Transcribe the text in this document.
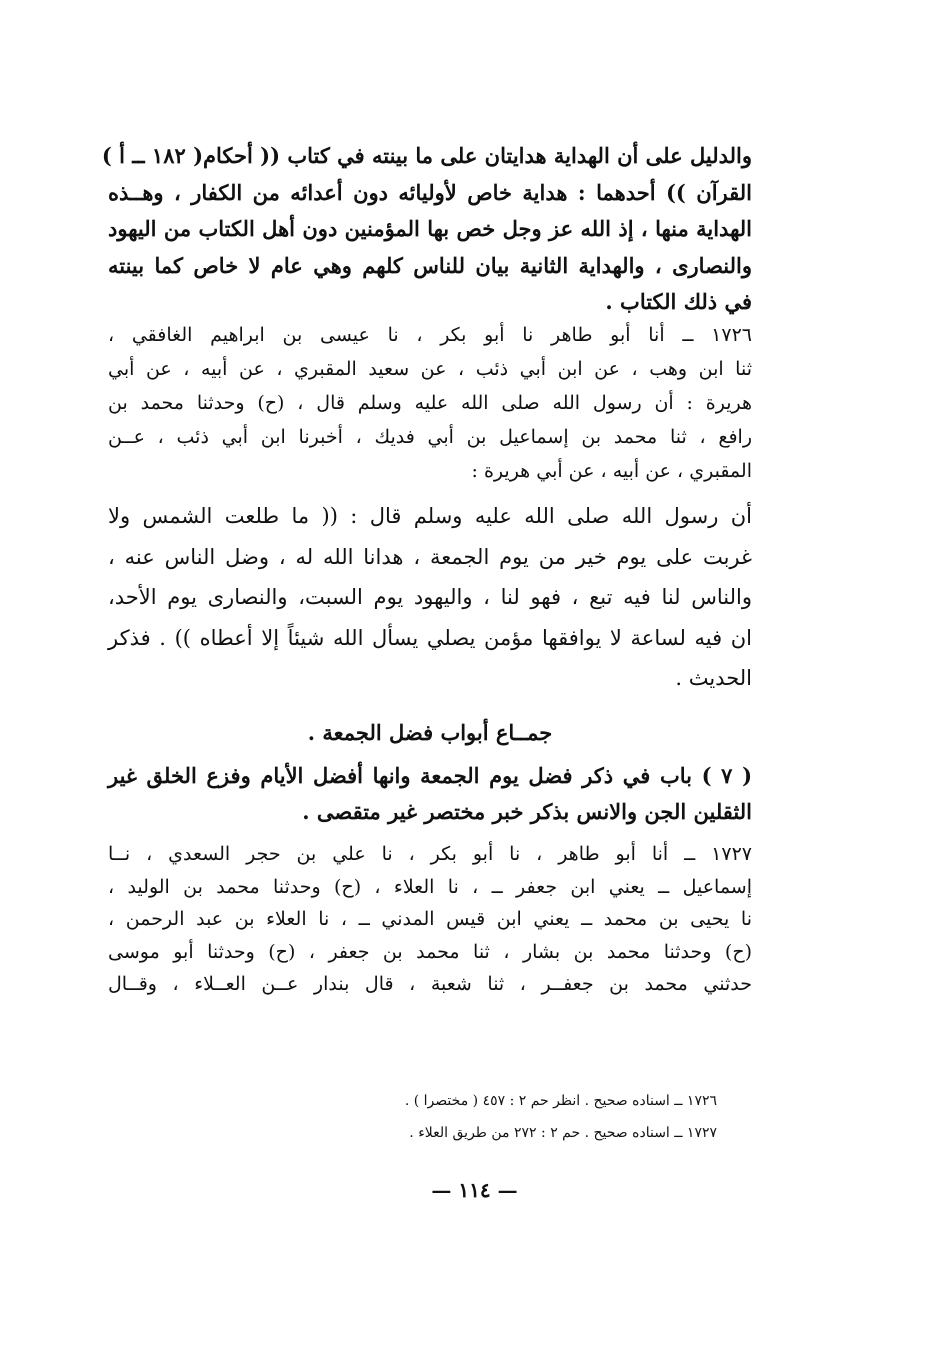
والدليل على أن الهداية هدايتان على ما بينته في كتاب (( أحكام( ١٨٢ ــ أ )
القرآن )) أحدهما : هداية خاص لأوليائه دون أعدائه من الكفار ، وهــذه
الهداية منها ، إذ الله عز وجل خص بها المؤمنين دون أهل الكتاب من اليهود
والنصارى ، والهداية الثانية بيان للناس كلهم وهي عام لا خاص كما بينته
في ذلك الكتاب .
١٧٢٦ ــ أنا أبو طاهر نا أبو بكر ، نا عيسى بن ابراهيم الغافقي ،
ثنا ابن وهب ، عن ابن أبي ذئب ، عن سعيد المقبري ، عن أبيه ، عن أبي
هريرة : أن رسول الله صلى الله عليه وسلم قال ، (ح) وحدثنا محمد بن
رافع ، ثنا محمد بن إسماعيل بن أبي فديك ، أخبرنا ابن أبي ذئب ، عــن
المقبري ، عن أبيه ، عن أبي هريرة :
أن رسول الله صلى الله عليه وسلم قال : (( ما طلعت الشمس ولا
غربت على يوم خير من يوم الجمعة ، هدانا الله له ، وضل الناس عنه ،
والناس لنا فيه تبع ، فهو لنا ، واليهود يوم السبت، والنصارى يوم الأحد،
ان فيه لساعة لا يوافقها مؤمن يصلي يسأل الله شيئاً إلا أعطاه )) . فذكر
الحديث .
جمــاع أبواب فضل الجمعة .
( ٧ ) باب في ذكر فضل يوم الجمعة وانها أفضل الأيام وفزع الخلق غير
الثقلين الجن والانس بذكر خبر مختصر غير متقصى .
١٧٢٧ ــ أنا أبو طاهر ، نا أبو بكر ، نا علي بن حجر السعدي ، نــا
إسماعيل ــ يعني ابن جعفر ــ ، نا العلاء ، (ح) وحدثنا محمد بن الوليد ،
نا يحيى بن محمد ــ يعني ابن قيس المدني ــ ، نا العلاء بن عبد الرحمن ،
(ح) وحدثنا محمد بن بشار ، ثنا محمد بن جعفر ، (ح) وحدثنا أبو موسى
حدثني محمد بن جعفــر ، ثنا شعبة ، قال بندار عــن العــلاء ، وقــال
١٧٢٦ ــ اسناده صحيح . انظر حم ٢ : ٤٥٧ ( مختصرا ) .
١٧٢٧ ــ اسناده صحيح . حم ٢ : ٢٧٢ من طريق العلاء .
— ١١٤ —
